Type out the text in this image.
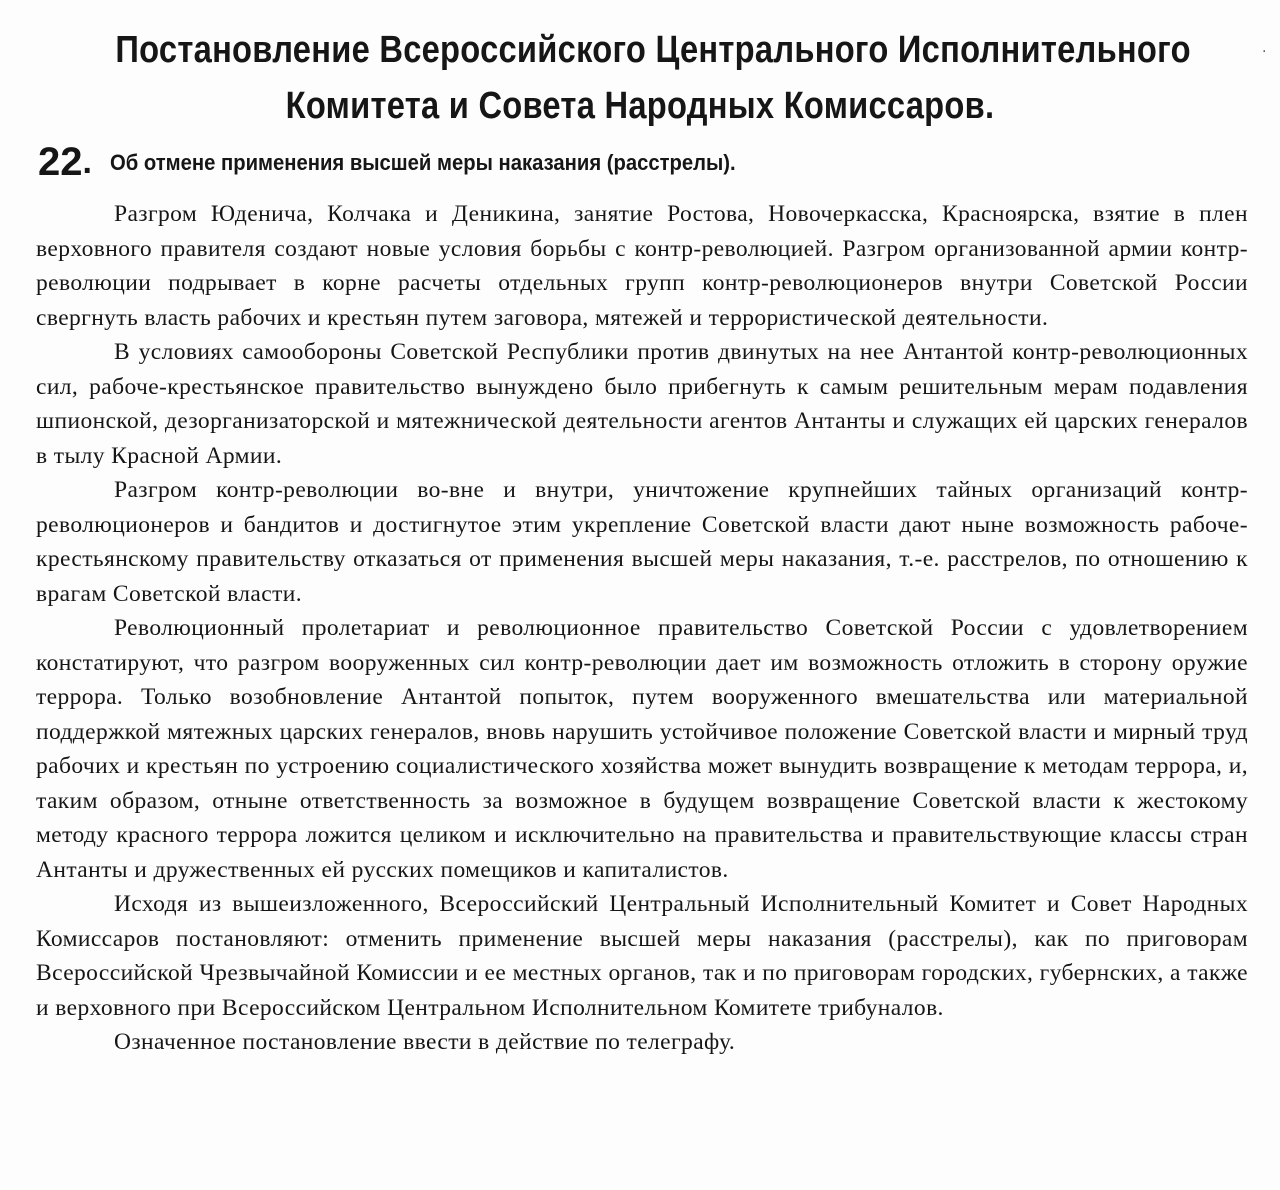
Постановление Всероссийского Центрального Исполнительного
Комитета и Совета Народных Комиссаров.
·
22. Об отмене применения высшей меры наказания (расстрелы).

Разгром Юденича, Колчака и Деникина, занятие Ростова, Новочеркасска, Красноярска, взятие в плен верховного правителя создают новые условия борьбы с контр-революцией. Разгром организованной армии контр-революции подрывает в корне расчеты отдельных групп контр-революционеров внутри Советской России свергнуть власть рабочих и крестьян путем заговора, мятежей и террористической деятельности.

В условиях самообороны Советской Республики против двинутых на нее Антантой контр-революционных сил, рабоче-крестьянское правительство вынуждено было прибегнуть к самым решительным мерам подавления шпионской, дезорганизаторской и мятежнической деятельности агентов Антанты и служащих ей царских генералов в тылу Красной Армии.

Разгром контр-революции во-вне и внутри, уничтожение крупнейших тайных организаций контр-революционеров и бандитов и достигнутое этим укрепление Советской власти дают ныне возможность рабоче-крестьянскому правительству отказаться от применения высшей меры наказания, т.-е. расстрелов, по отношению к врагам Советской власти.

Революционный пролетариат и революционное правительство Советской России с удовлетворением констатируют, что разгром вооруженных сил контр-революции дает им возможность отложить в сторону оружие террора. Только возобновление Антантой попыток, путем вооруженного вмешательства или материальной поддержкой мятежных царских генералов, вновь нарушить устойчивое положение Советской власти и мирный труд рабочих и крестьян по устроению социалистического хозяйства может вынудить возвращение к методам террора, и, таким образом, отныне ответственность за возможное в будущем возвращение Советской власти к жестокому методу красного террора ложится целиком и исключительно на правительства и правительствующие классы стран Антанты и дружественных ей русских помещиков и капиталистов.

Исходя из вышеизложенного, Всероссийский Центральный Исполнительный Комитет и Совет Народных Комиссаров постановляют: отменить применение высшей меры наказания (расстрелы), как по приговорам Всероссийской Чрезвычайной Комиссии и ее местных органов, так и по приговорам городских, губернских, а также и верховного при Всероссийском Центральном Исполнительном Комитете трибуналов.

Означенное постановление ввести в действие по телеграфу.
